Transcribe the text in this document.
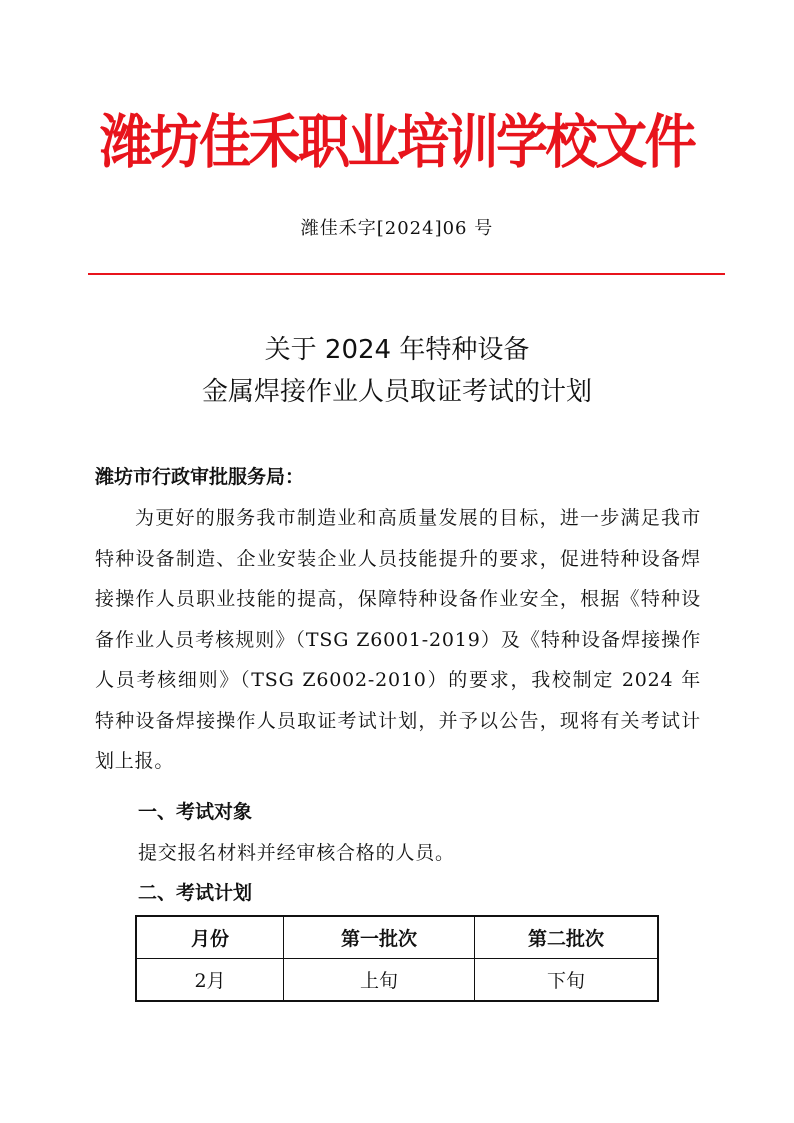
潍坊佳禾职业培训学校文件
潍佳禾字[2024]06 号
关于 2024 年特种设备
金属焊接作业人员取证考试的计划
潍坊市行政审批服务局：

为更好的服务我市制造业和高质量发展的目标，进一步满足我市特种设备制造、企业安装企业人员技能提升的要求，促进特种设备焊接操作人员职业技能的提高，保障特种设备作业安全，根据《特种设备作业人员考核规则》（TSG Z6001-2019）及《特种设备焊接操作人员考核细则》（TSG Z6002-2010）的要求，我校制定 2024 年特种设备焊接操作人员取证考试计划，并予以公告，现将有关考试计划上报。

一、考试对象
提交报名材料并经审核合格的人员。
二、考试计划
月份	第一批次	第二批次
2月	上旬	下旬
